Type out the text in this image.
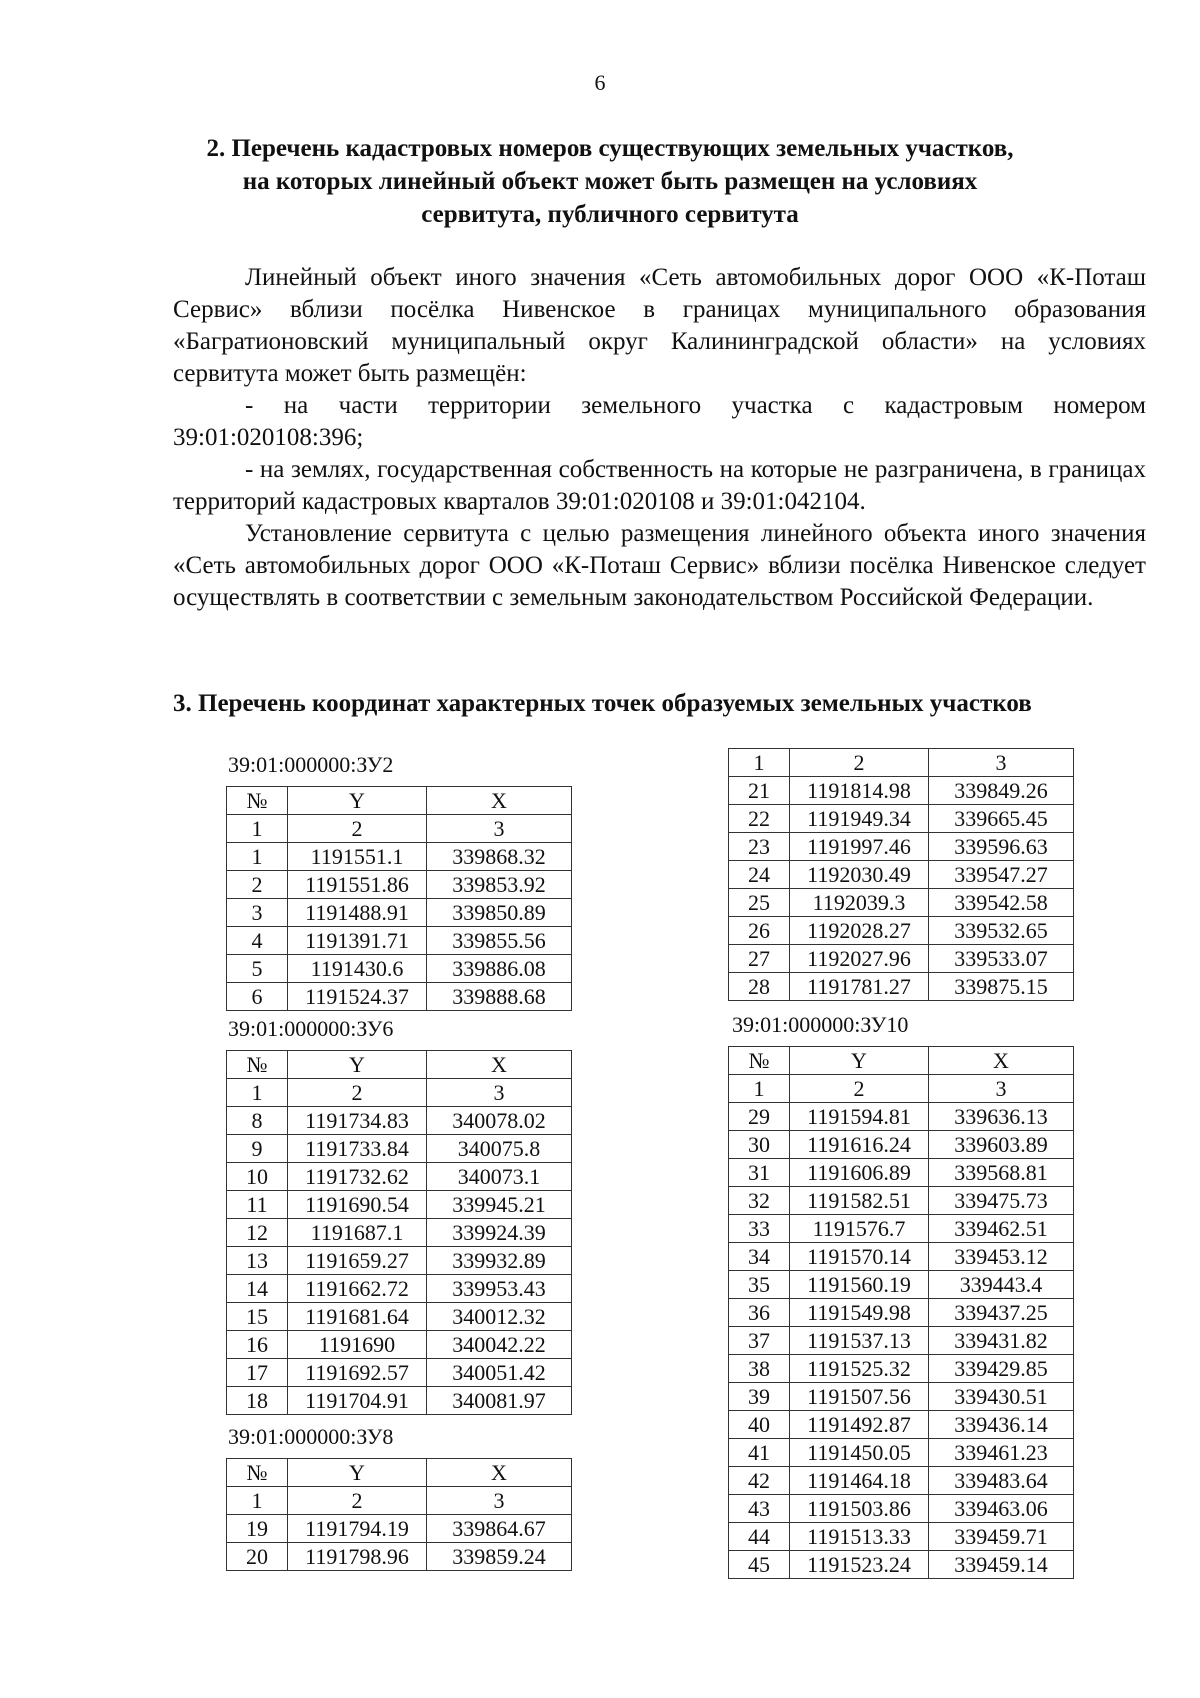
6
2. Перечень кадастровых номеров существующих земельных участков,
на которых линейный объект может быть размещен на условиях
сервитута, публичного сервитута

Линейный объект иного значения «Сеть автомобильных дорог ООО «К-Поташ Сервис» вблизи посёлка Нивенское в границах муниципального образования «Багратионовский муниципальный округ Калининградской области» на условиях сервитута может быть размещён:

- на части территории земельного участка с кадастровым номером 39:01:020108:396;

- на землях, государственная собственность на которые не разграничена, в границах территорий кадастровых кварталов 39:01:020108 и 39:01:042104.

Установление сервитута с целью размещения линейного объекта иного значения «Сеть автомобильных дорог ООО «К-Поташ Сервис» вблизи посёлка Нивенское следует осуществлять в соответствии с земельным законодательством Российской Федерации.

3. Перечень координат характерных точек образуемых земельных участков
39:01:000000:ЗУ2
№	Y	X
1	2	3
1	1191551.1	339868.32
2	1191551.86	339853.92
3	1191488.91	339850.89
4	1191391.71	339855.56
5	1191430.6	339886.08
6	1191524.37	339888.68
39:01:000000:ЗУ6
№	Y	X
1	2	3
8	1191734.83	340078.02
9	1191733.84	340075.8
10	1191732.62	340073.1
11	1191690.54	339945.21
12	1191687.1	339924.39
13	1191659.27	339932.89
14	1191662.72	339953.43
15	1191681.64	340012.32
16	1191690	340042.22
17	1191692.57	340051.42
18	1191704.91	340081.97
39:01:000000:ЗУ8
№	Y	X
1	2	3
19	1191794.19	339864.67
20	1191798.96	339859.24
1	2	3
21	1191814.98	339849.26
22	1191949.34	339665.45
23	1191997.46	339596.63
24	1192030.49	339547.27
25	1192039.3	339542.58
26	1192028.27	339532.65
27	1192027.96	339533.07
28	1191781.27	339875.15
39:01:000000:ЗУ10
№	Y	X
1	2	3
29	1191594.81	339636.13
30	1191616.24	339603.89
31	1191606.89	339568.81
32	1191582.51	339475.73
33	1191576.7	339462.51
34	1191570.14	339453.12
35	1191560.19	339443.4
36	1191549.98	339437.25
37	1191537.13	339431.82
38	1191525.32	339429.85
39	1191507.56	339430.51
40	1191492.87	339436.14
41	1191450.05	339461.23
42	1191464.18	339483.64
43	1191503.86	339463.06
44	1191513.33	339459.71
45	1191523.24	339459.14
